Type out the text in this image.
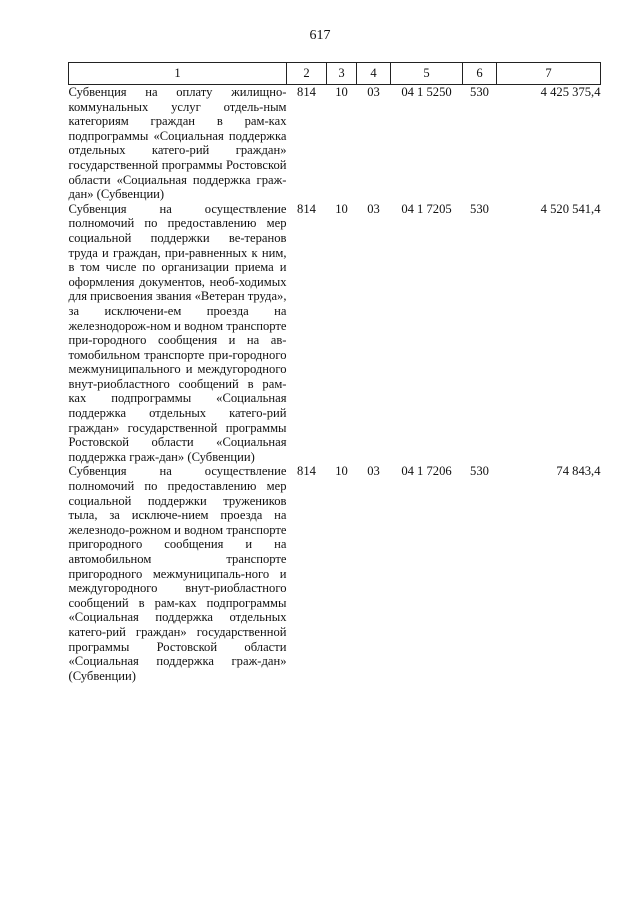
617
1	2	3	4	5	6	7
Субвенция на оплату жилищно-коммунальных услуг отдель-ным категориям граждан в рам-ках подпрограммы «Социальная поддержка отдельных катего-рий граждан» государственной программы Ростовской области «Социальная поддержка граж-дан» (Субвенции)	814	10	03	04 1 5250	530	4 425 375,4
Субвенция на осуществление полномочий по предоставлению мер социальной поддержки ве-теранов труда и граждан, при-равненных к ним, в том числе по организации приема и оформления документов, необ-ходимых для присвоения звания «Ветеран труда», за исключени-ем проезда на железнодорож-ном и водном транспорте при-городного сообщения и на ав-томобильном транспорте при-городного межмуниципального и междугородного внут-риобластного сообщений в рам-ках подпрограммы «Социальная поддержка отдельных катего-рий граждан» государственной программы Ростовской области «Социальная поддержка граж-дан» (Субвенции)	814	10	03	04 1 7205	530	4 520 541,4
Субвенция на осуществление полномочий по предоставлению мер социальной поддержки тружеников тыла, за исключе-нием проезда на железнодо-рожном и водном транспорте пригородного сообщения и на автомобильном транспорте пригородного межмуниципаль-ного и междугородного внут-риобластного сообщений в рам-ках подпрограммы «Социальная поддержка отдельных катего-рий граждан» государственной программы Ростовской области «Социальная поддержка граж-дан» (Субвенции)	814	10	03	04 1 7206	530	74 843,4
